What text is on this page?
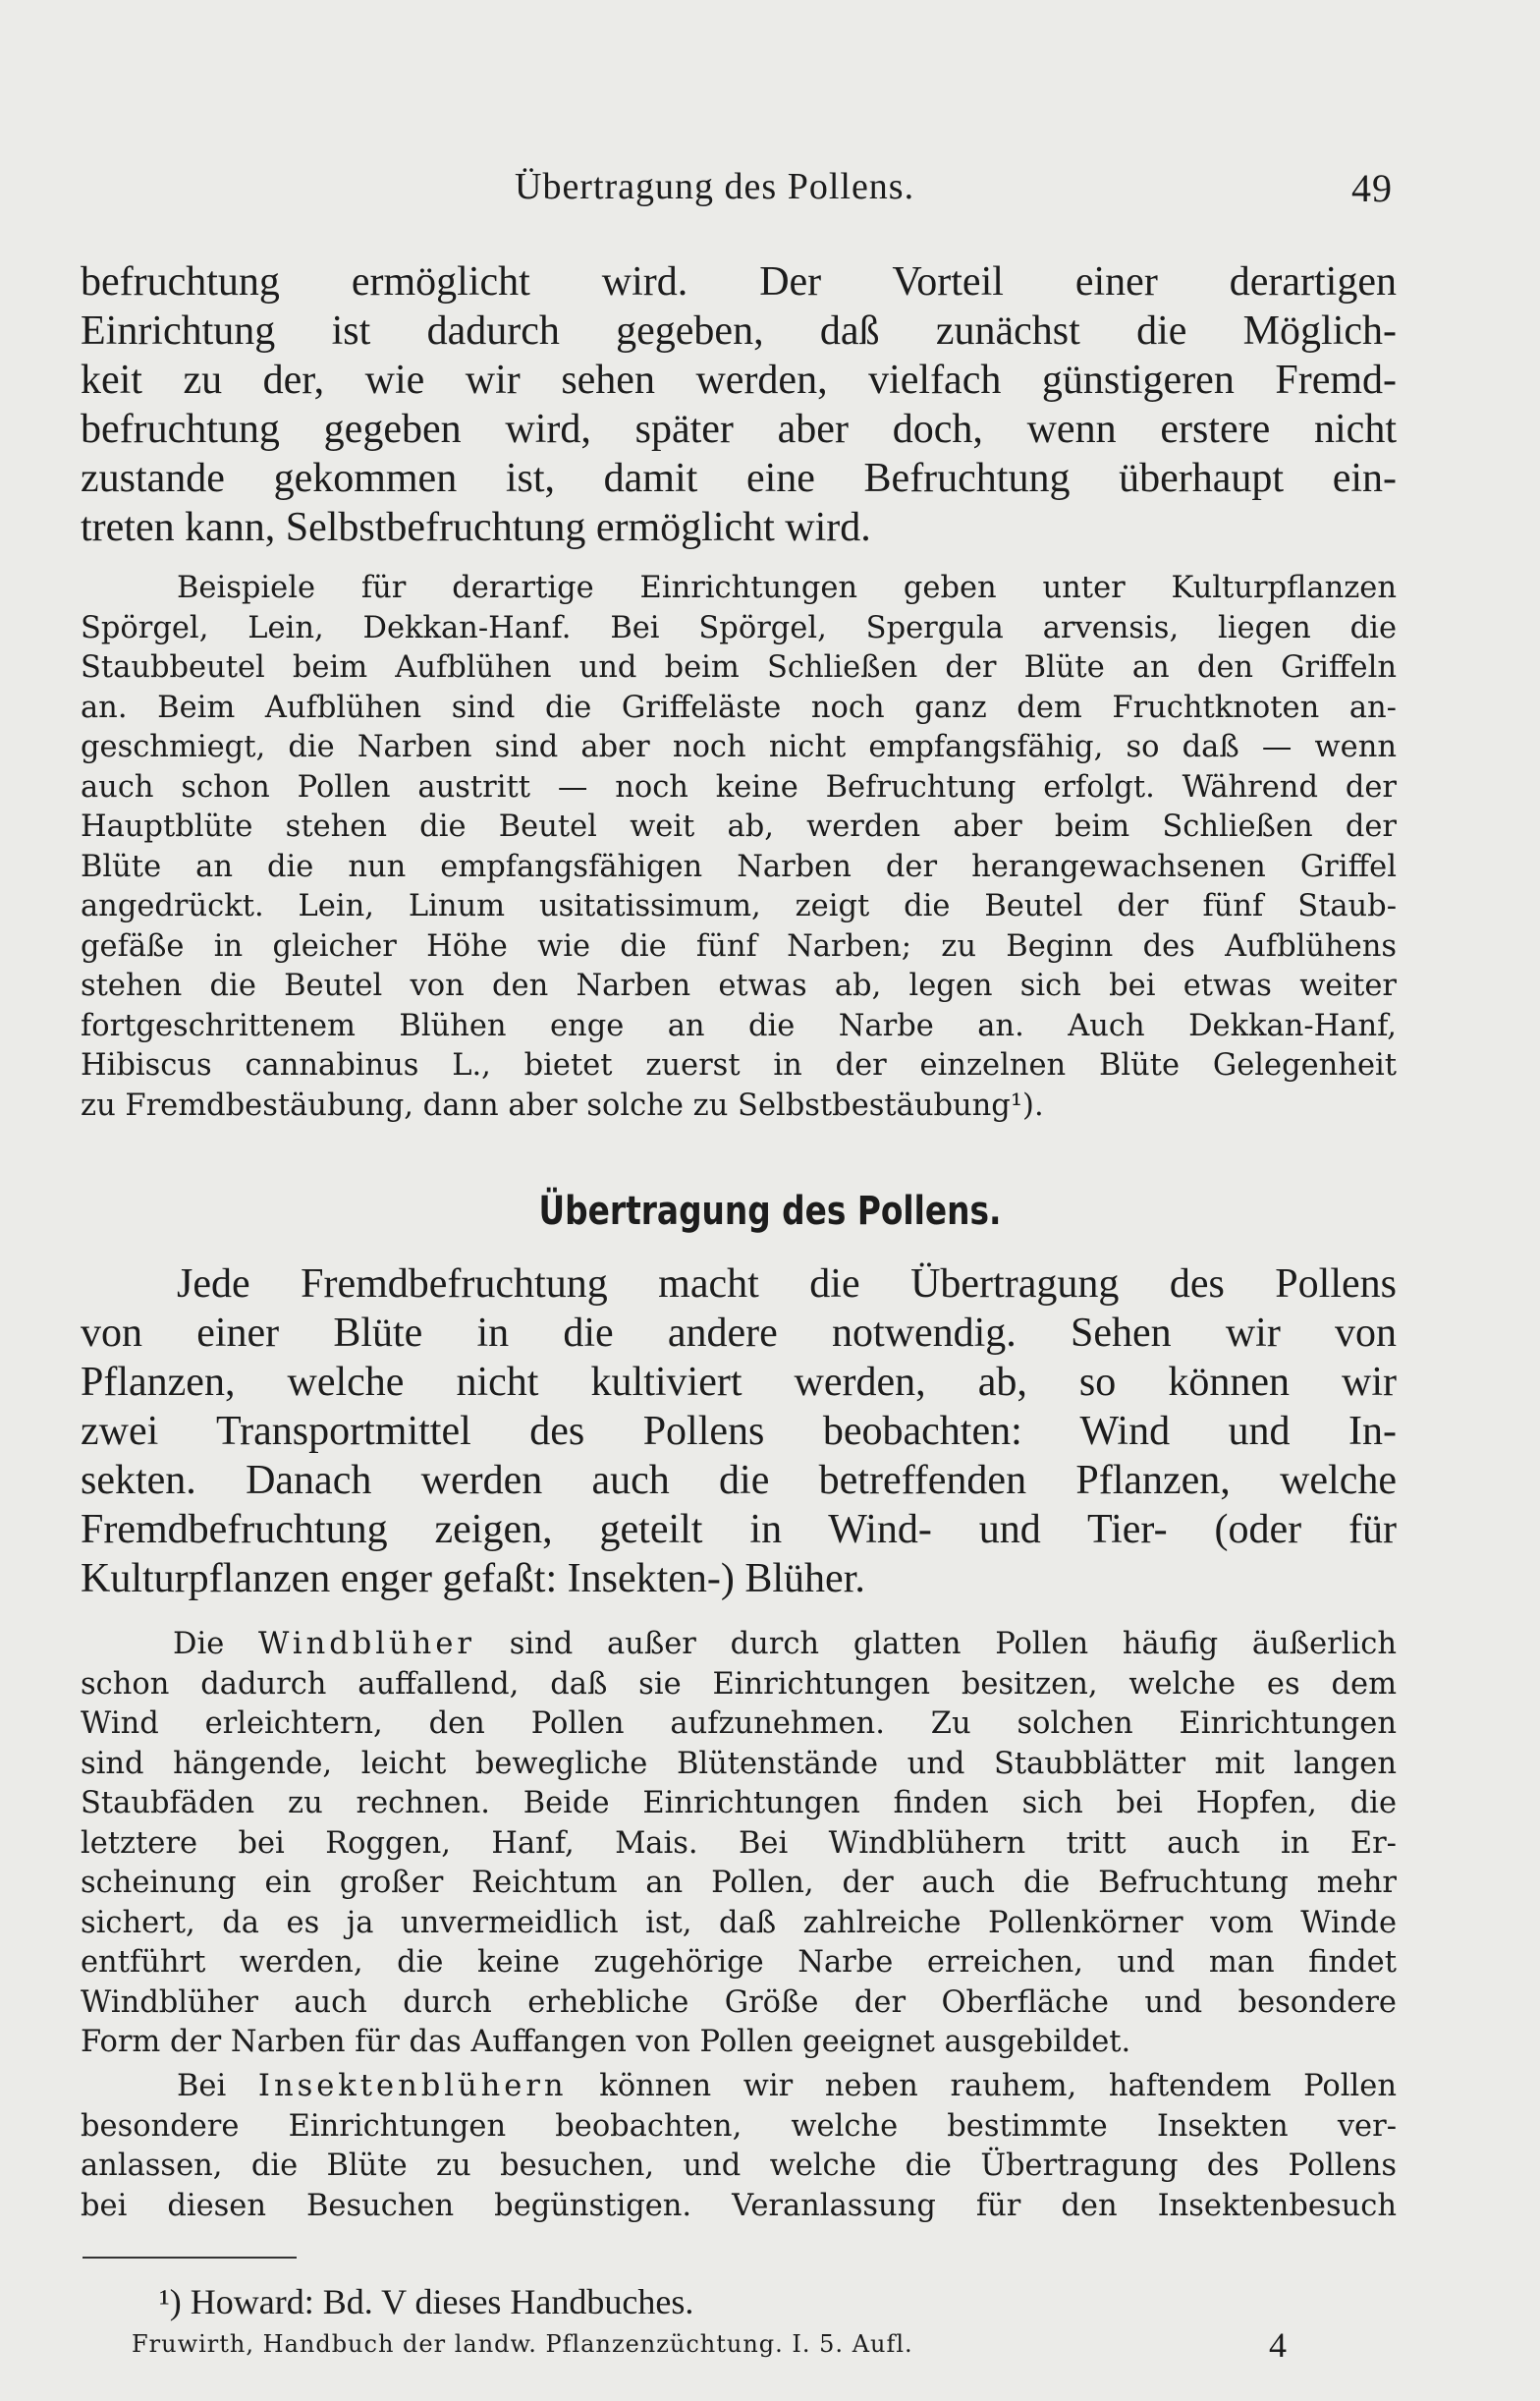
Übertragung des Pollens.	49
befruchtung ermöglicht wird. Der Vorteil einer derartigen
Einrichtung ist dadurch gegeben, daß zunächst die Möglich-
keit zu der, wie wir sehen werden, vielfach günstigeren Fremd-
befruchtung gegeben wird, später aber doch, wenn erstere nicht
zustande gekommen ist, damit eine Befruchtung überhaupt ein-
treten kann, Selbstbefruchtung ermöglicht wird.
Beispiele für derartige Einrichtungen geben unter Kulturpflanzen
Spörgel, Lein, Dekkan-Hanf. Bei Spörgel, Spergula arvensis, liegen die
Staubbeutel beim Aufblühen und beim Schließen der Blüte an den Griffeln
an. Beim Aufblühen sind die Griffeläste noch ganz dem Fruchtknoten an-
geschmiegt, die Narben sind aber noch nicht empfangsfähig, so daß — wenn
auch schon Pollen austritt — noch keine Befruchtung erfolgt. Während der
Hauptblüte stehen die Beutel weit ab, werden aber beim Schließen der
Blüte an die nun empfangsfähigen Narben der herangewachsenen Griffel
angedrückt. Lein, Linum usitatissimum, zeigt die Beutel der fünf Staub-
gefäße in gleicher Höhe wie die fünf Narben; zu Beginn des Aufblühens
stehen die Beutel von den Narben etwas ab, legen sich bei etwas weiter
fortgeschrittenem Blühen enge an die Narbe an. Auch Dekkan-Hanf,
Hibiscus cannabinus L., bietet zuerst in der einzelnen Blüte Gelegenheit
zu Fremdbestäubung, dann aber solche zu Selbstbestäubung¹).
Übertragung des Pollens.
Jede Fremdbefruchtung macht die Übertragung des Pollens
von einer Blüte in die andere notwendig. Sehen wir von
Pflanzen, welche nicht kultiviert werden, ab, so können wir
zwei Transportmittel des Pollens beobachten: Wind und In-
sekten. Danach werden auch die betreffenden Pflanzen, welche
Fremdbefruchtung zeigen, geteilt in Wind- und Tier- (oder für
Kulturpflanzen enger gefaßt: Insekten-) Blüher.
Die Windblüher sind außer durch glatten Pollen häufig äußerlich
schon dadurch auffallend, daß sie Einrichtungen besitzen, welche es dem
Wind erleichtern, den Pollen aufzunehmen. Zu solchen Einrichtungen
sind hängende, leicht bewegliche Blütenstände und Staubblätter mit langen
Staubfäden zu rechnen. Beide Einrichtungen finden sich bei Hopfen, die
letztere bei Roggen, Hanf, Mais. Bei Windblühern tritt auch in Er-
scheinung ein großer Reichtum an Pollen, der auch die Befruchtung mehr
sichert, da es ja unvermeidlich ist, daß zahlreiche Pollenkörner vom Winde
entführt werden, die keine zugehörige Narbe erreichen, und man findet
Windblüher auch durch erhebliche Größe der Oberfläche und besondere
Form der Narben für das Auffangen von Pollen geeignet ausgebildet.
Bei Insektenblühern können wir neben rauhem, haftendem Pollen
besondere Einrichtungen beobachten, welche bestimmte Insekten ver-
anlassen, die Blüte zu besuchen, und welche die Übertragung des Pollens
bei diesen Besuchen begünstigen. Veranlassung für den Insektenbesuch
¹) Howard: Bd. V dieses Handbuches.
Fruwirth, Handbuch der landw. Pflanzenzüchtung. I. 5. Aufl.	4
